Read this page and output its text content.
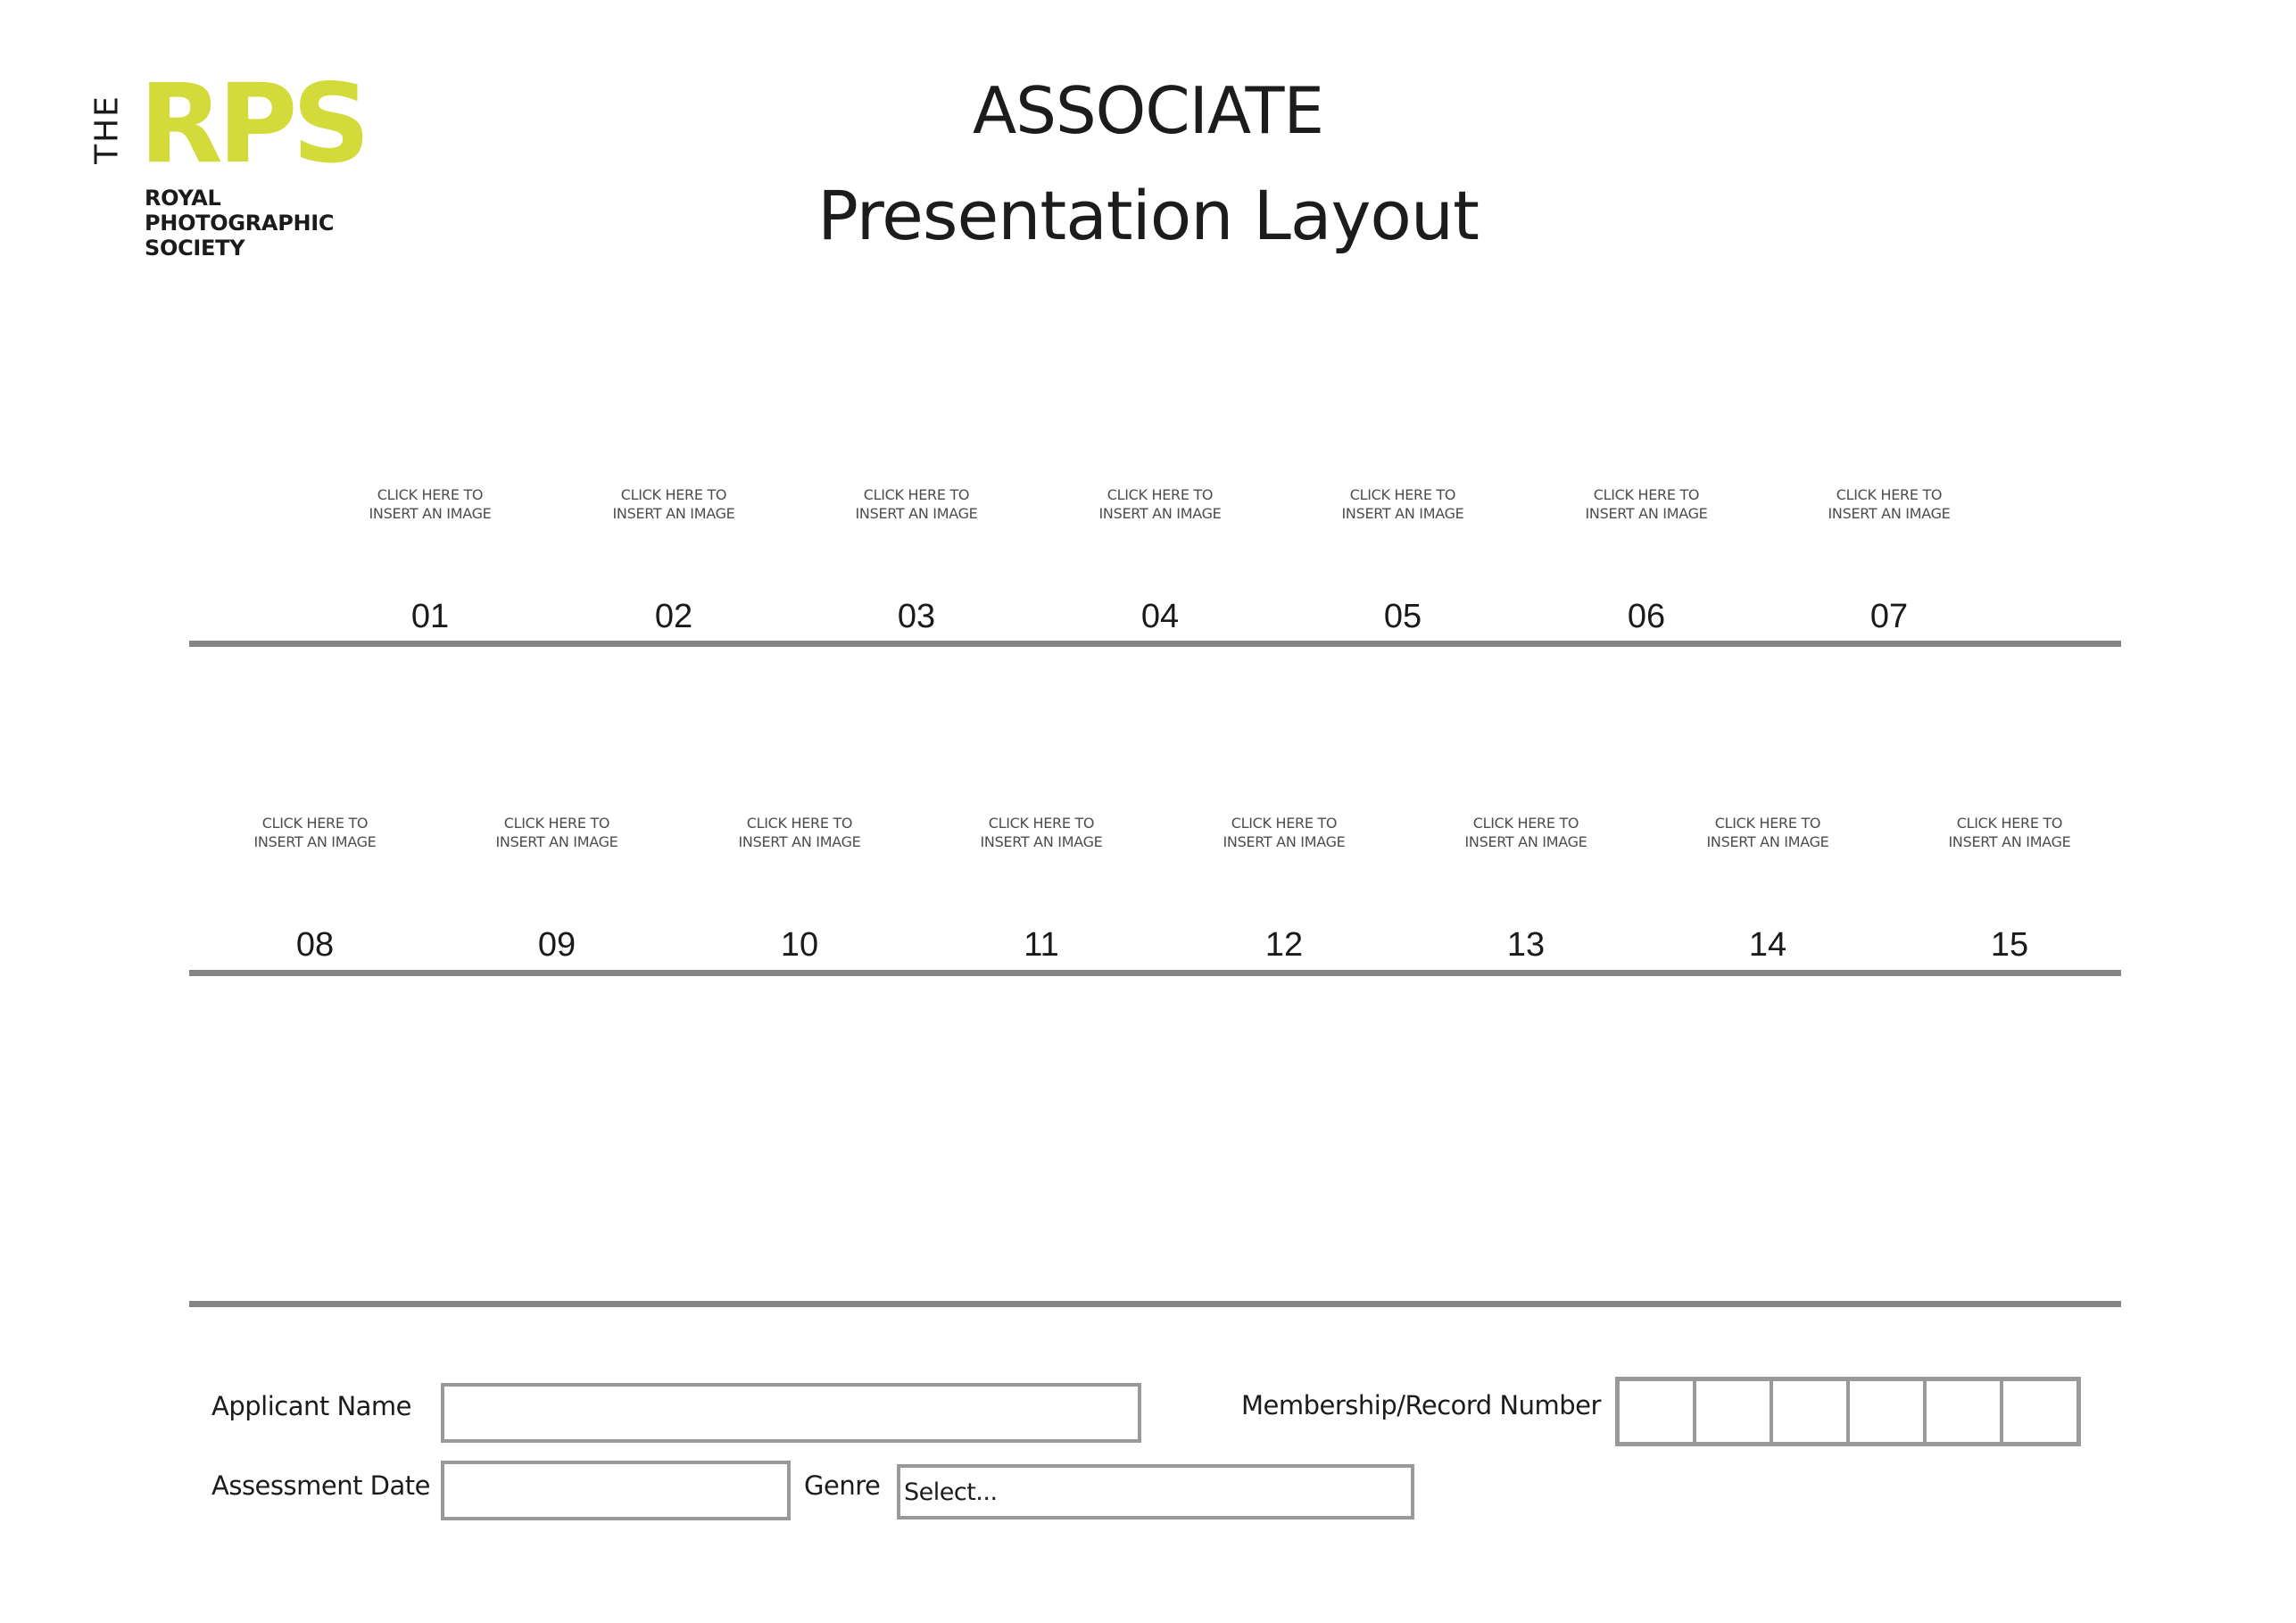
THE RPS
ROYAL
PHOTOGRAPHIC
SOCIETY
ASSOCIATE
Presentation Layout
CLICK HERE TO
INSERT AN IMAGE
01
CLICK HERE TO
INSERT AN IMAGE
02
CLICK HERE TO
INSERT AN IMAGE
03
CLICK HERE TO
INSERT AN IMAGE
04
CLICK HERE TO
INSERT AN IMAGE
05
CLICK HERE TO
INSERT AN IMAGE
06
CLICK HERE TO
INSERT AN IMAGE
07
CLICK HERE TO
INSERT AN IMAGE
08
CLICK HERE TO
INSERT AN IMAGE
09
CLICK HERE TO
INSERT AN IMAGE
10
CLICK HERE TO
INSERT AN IMAGE
11
CLICK HERE TO
INSERT AN IMAGE
12
CLICK HERE TO
INSERT AN IMAGE
13
CLICK HERE TO
INSERT AN IMAGE
14
CLICK HERE TO
INSERT AN IMAGE
15
Applicant Name	Membership/Record Number
Assessment Date	Genre Select...
